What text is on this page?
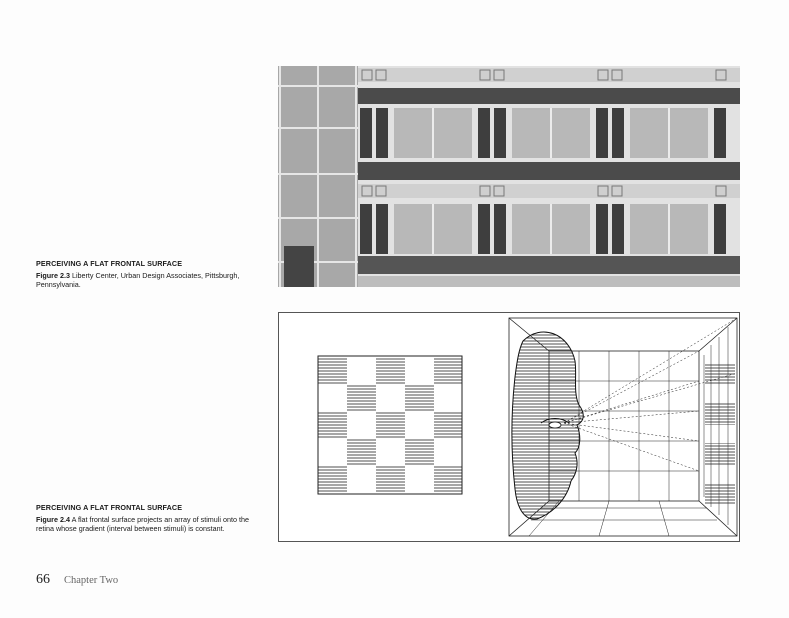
PERCEIVING A FLAT FRONTAL SURFACE
Figure 2.3 Liberty Center, Urban Design Associates, Pittsburgh, Pennsylvania.
PERCEIVING A FLAT FRONTAL SURFACE
Figure 2.4 A flat frontal surface projects an array of stimuli onto the retina whose gradient (interval between stimuli) is constant.
66 Chapter Two
